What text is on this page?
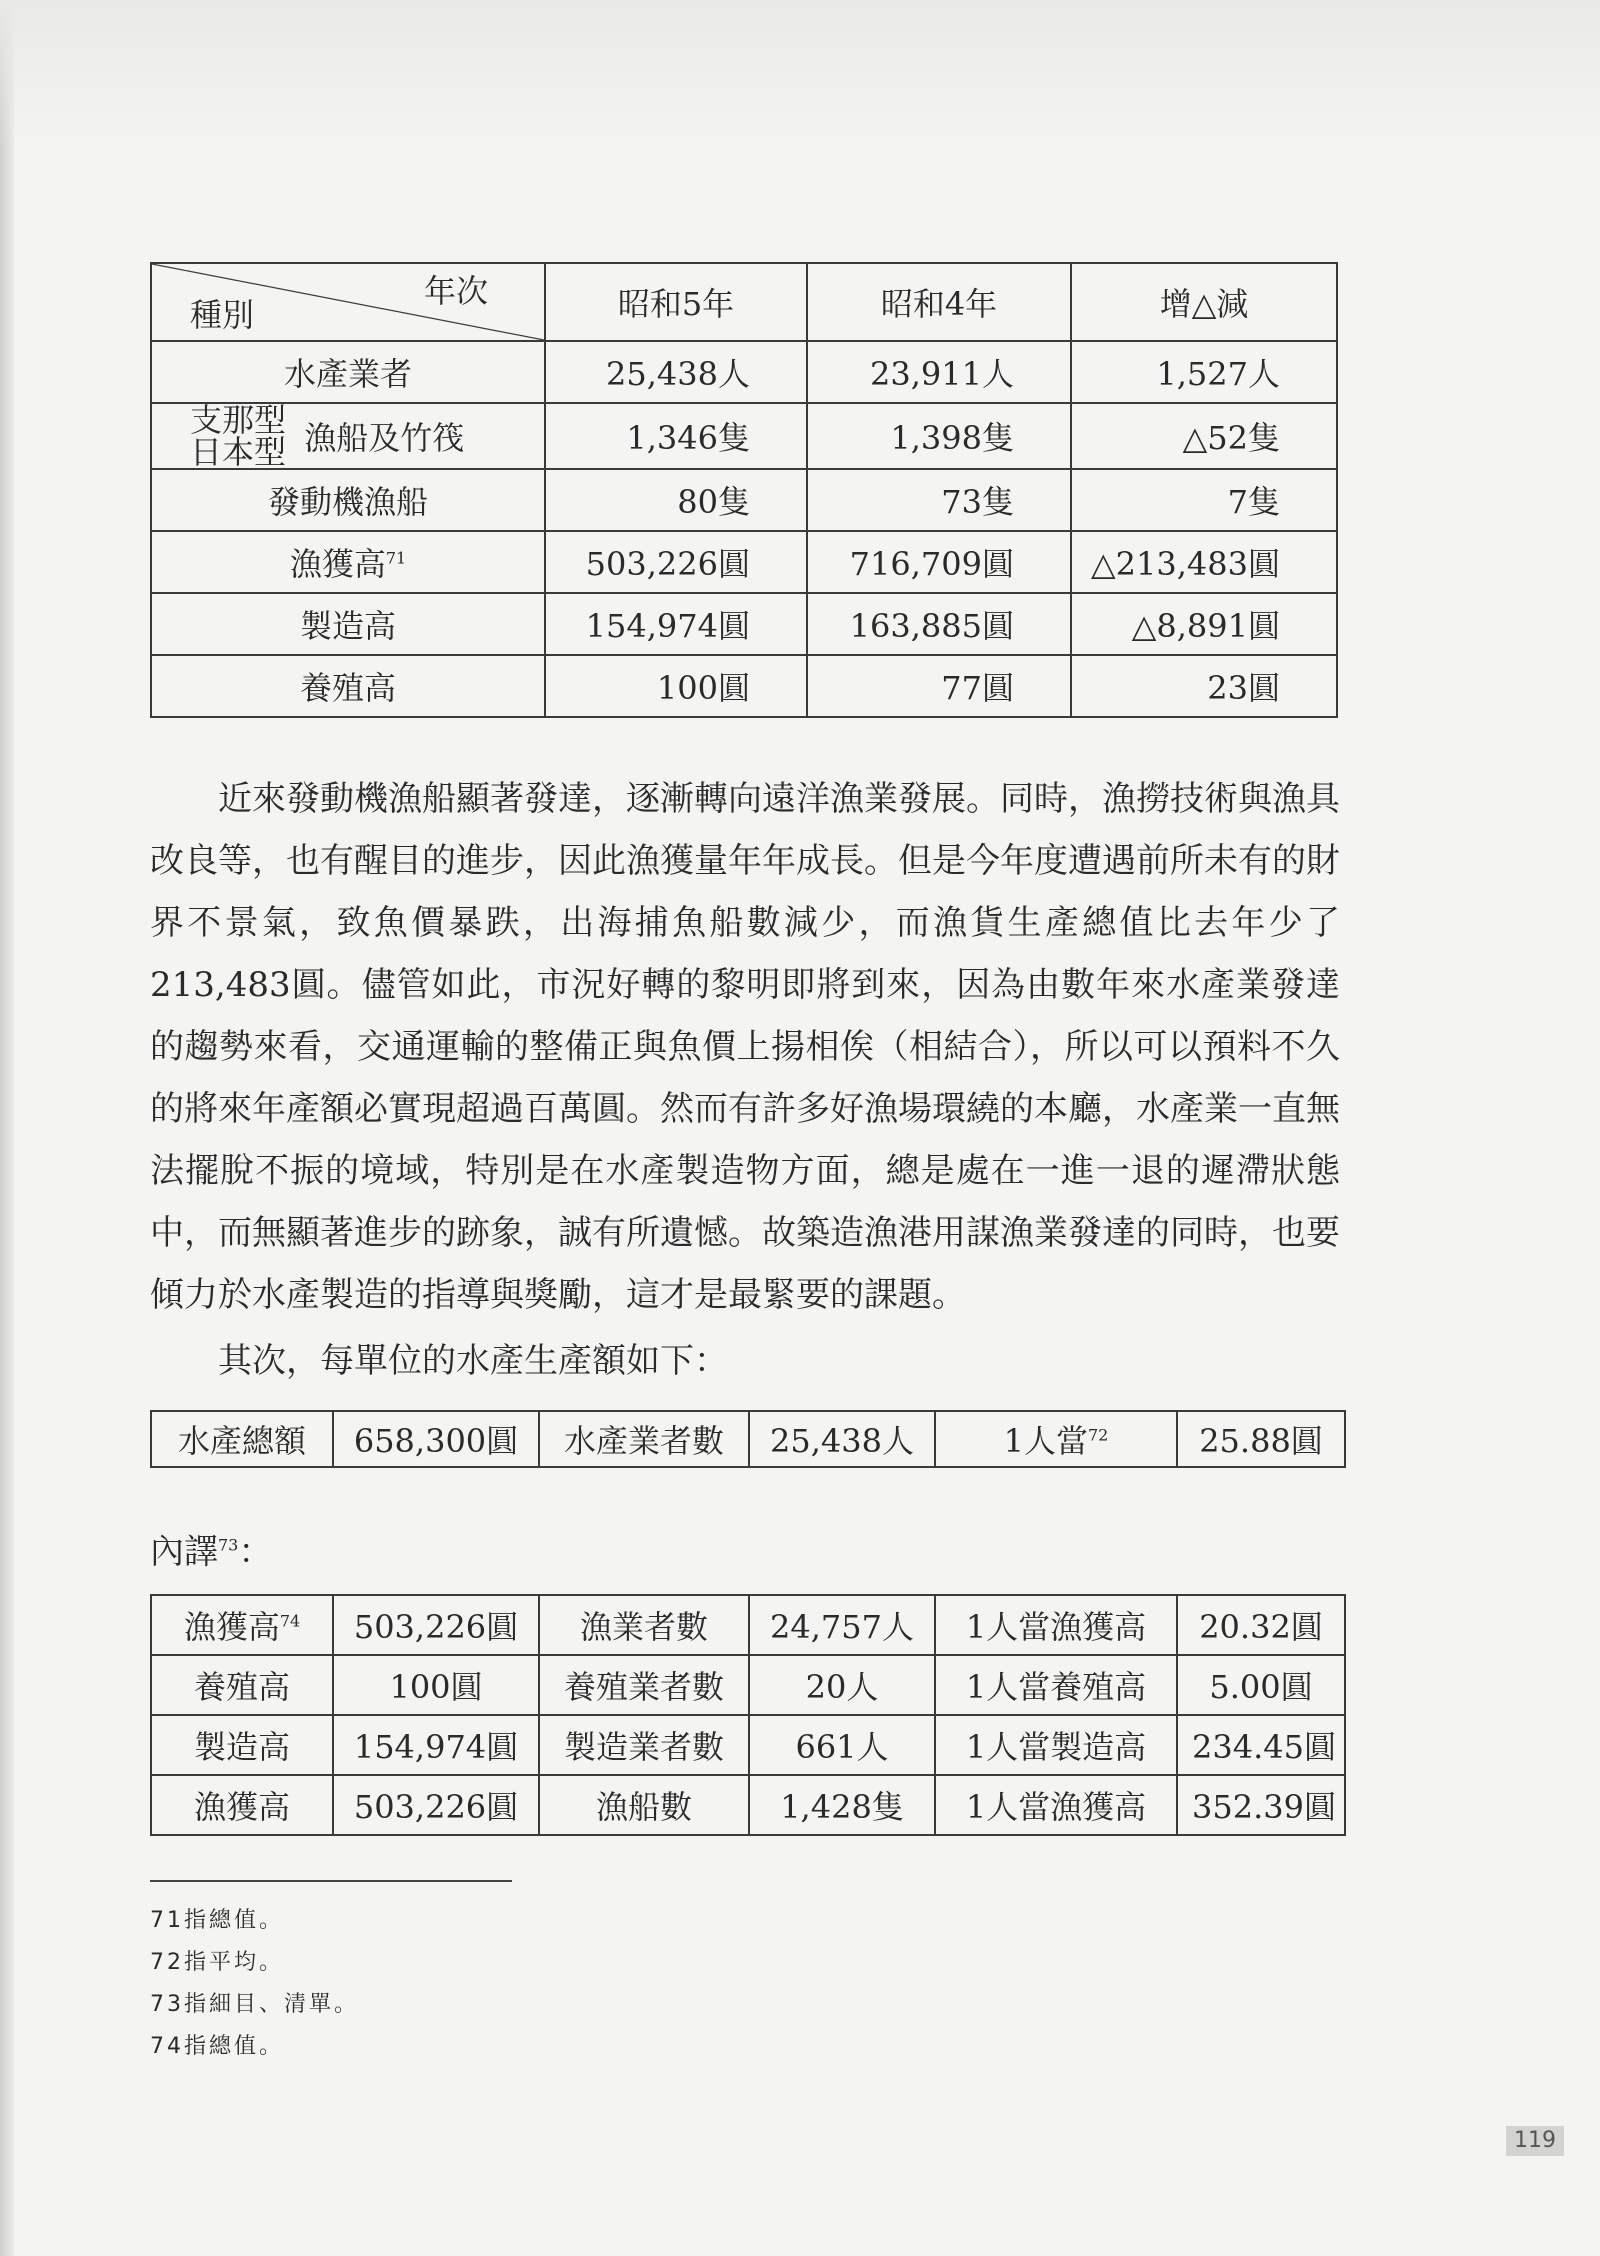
年次
種別	昭和5年	昭和4年	增△減
水產業者	25,438人	23,911人	1,527人

支那型
日本型 漁船及竹筏	1,346隻	1,398隻	△52隻
發動機漁船	80隻	73隻	7隻
漁獲高$^{71}$	503,226圓	716,709圓	△213,483圓
製造高	154,974圓	163,885圓	△8,891圓
養殖高	100圓	77圓	23圓

近來發動機漁船顯著發達，逐漸轉向遠洋漁業發展。同時，漁撈技術與漁具改良等，也有醒目的進步，因此漁獲量年年成長。但是今年度遭遇前所未有的財界不景氣，致魚價暴跌，出海捕魚船數減少，而漁貨生產總值比去年少了213,483圓。儘管如此，市況好轉的黎明即將到來，因為由數年來水產業發達的趨勢來看，交通運輸的整備正與魚價上揚相俟（相結合），所以可以預料不久的將來年產額必實現超過百萬圓。然而有許多好漁場環繞的本廳，水產業一直無法擺脫不振的境域，特別是在水產製造物方面，總是處在一進一退的遲滯狀態中，而無顯著進步的跡象，誠有所遺憾。故築造漁港用謀漁業發達的同時，也要傾力於水產製造的指導與獎勵，這才是最緊要的課題。

其次，每單位的水產生產額如下：

水產總額	658,300圓	水產業者數	25,438人	1人當$^{72}$	25.88圓
內譯$^{73}$：
漁獲高$^{74}$	503,226圓	漁業者數	24,757人	1人當漁獲高	20.32圓
養殖高	100圓	養殖業者數	20人	1人當養殖高	5.00圓
製造高	154,974圓	製造業者數	661人	1人當製造高	234.45圓
漁獲高	503,226圓	漁船數	1,428隻	1人當漁獲高	352.39圓
71指總值。
72指平均。
73指細目、清單。
74指總值。
119
